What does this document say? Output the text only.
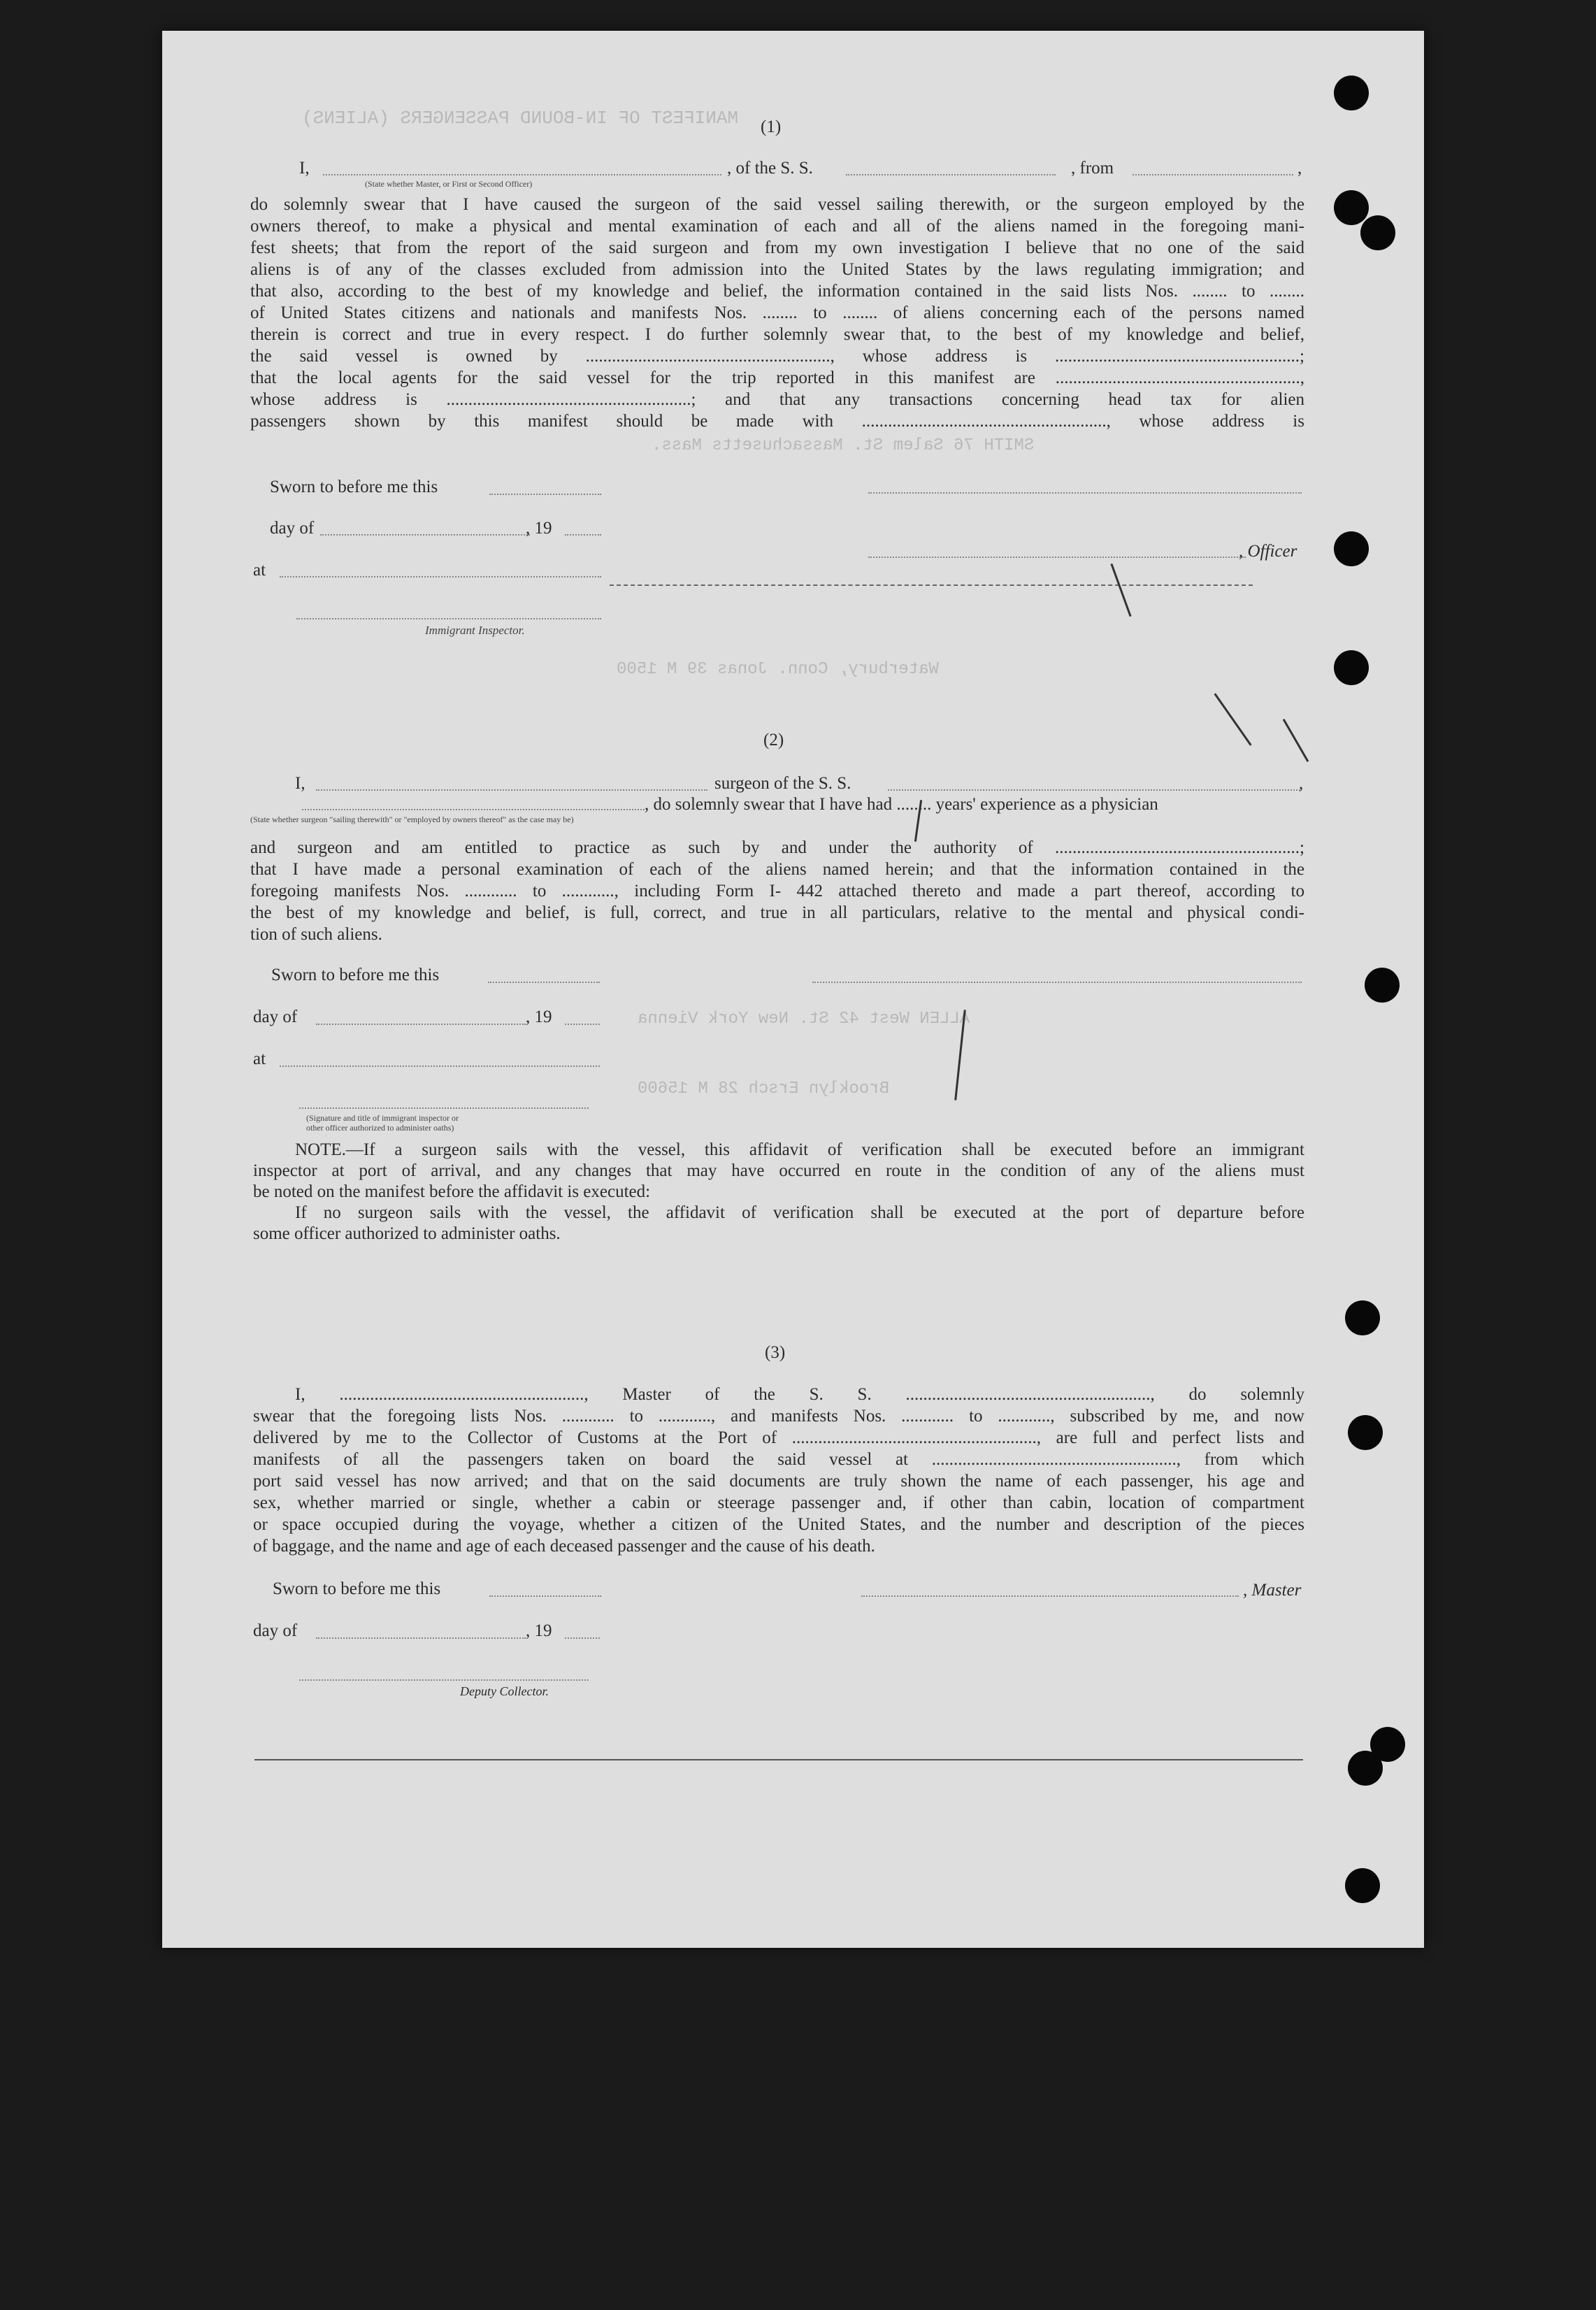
MANIFEST OF IN-BOUND PASSENGERS (ALIENS)
SMITH 76 Salem St. Massachusetts Mass.
Waterbury, Conn. Jonas 39 M 1500
ALLEN West 42 St. New York Vienna
Brooklyn Ersch 28 M 15600
(1)
I,	, of the S. S.	, from	,
(State whether Master, or First or Second Officer)
do solemnly swear that I have caused the surgeon of the said vessel sailing therewith, or the surgeon employed by the
owners thereof, to make a physical and mental examination of each and all of the aliens named in the foregoing mani-
fest sheets; that from the report of the said surgeon and from my own investigation I believe that no one of the said
aliens is of any of the classes excluded from admission into the United States by the laws regulating immigration; and
that also, according to the best of my knowledge and belief, the information contained in the said lists Nos. ........ to ........
of United States citizens and nationals and manifests Nos. ........ to ........ of aliens concerning each of the persons named
therein is correct and true in every respect. I do further solemnly swear that, to the best of my knowledge and belief,
the said vessel is owned by ........................................................, whose address is ........................................................;
that the local agents for the said vessel for the trip reported in this manifest are ........................................................,
whose address is ........................................................; and that any transactions concerning head tax for alien
passengers shown by this manifest should be made with ........................................................, whose address is
Sworn to before me this
day of	, 19
, Officer
at
Immigrant Inspector.
(2)
I,	surgeon of the S. S.	,
, do solemnly swear that I have had ........ years' experience as a physician
(State whether surgeon "sailing therewith" or "employed by owners thereof" as the case may be)
and surgeon and am entitled to practice as such by and under the authority of ........................................................;
that I have made a personal examination of each of the aliens named herein; and that the information contained in the
foregoing manifests Nos. ............ to ............, including Form I- 442 attached thereto and made a part thereof, according to
the best of my knowledge and belief, is full, correct, and true in all particulars, relative to the mental and physical condi-
tion of such aliens.
Sworn to before me this
day of	, 19
at
(Signature and title of immigrant inspector or
other officer authorized to administer oaths)
NOTE.—If a surgeon sails with the vessel, this affidavit of verification shall be executed before an immigrant
inspector at port of arrival, and any changes that may have occurred en route in the condition of any of the aliens must
be noted on the manifest before the affidavit is executed:
If no surgeon sails with the vessel, the affidavit of verification shall be executed at the port of departure before
some officer authorized to administer oaths.
(3)
I, ........................................................, Master of the S. S. ........................................................, do solemnly
swear that the foregoing lists Nos. ............ to ............, and manifests Nos. ............ to ............, subscribed by me, and now
delivered by me to the Collector of Customs at the Port of ........................................................, are full and perfect lists and
manifests of all the passengers taken on board the said vessel at ........................................................, from which
port said vessel has now arrived; and that on the said documents are truly shown the name of each passenger, his age and
sex, whether married or single, whether a cabin or steerage passenger and, if other than cabin, location of compartment
or space occupied during the voyage, whether a citizen of the United States, and the number and description of the pieces
of baggage, and the name and age of each deceased passenger and the cause of his death.
Sworn to before me this	, Master
day of	, 19
Deputy Collector.
